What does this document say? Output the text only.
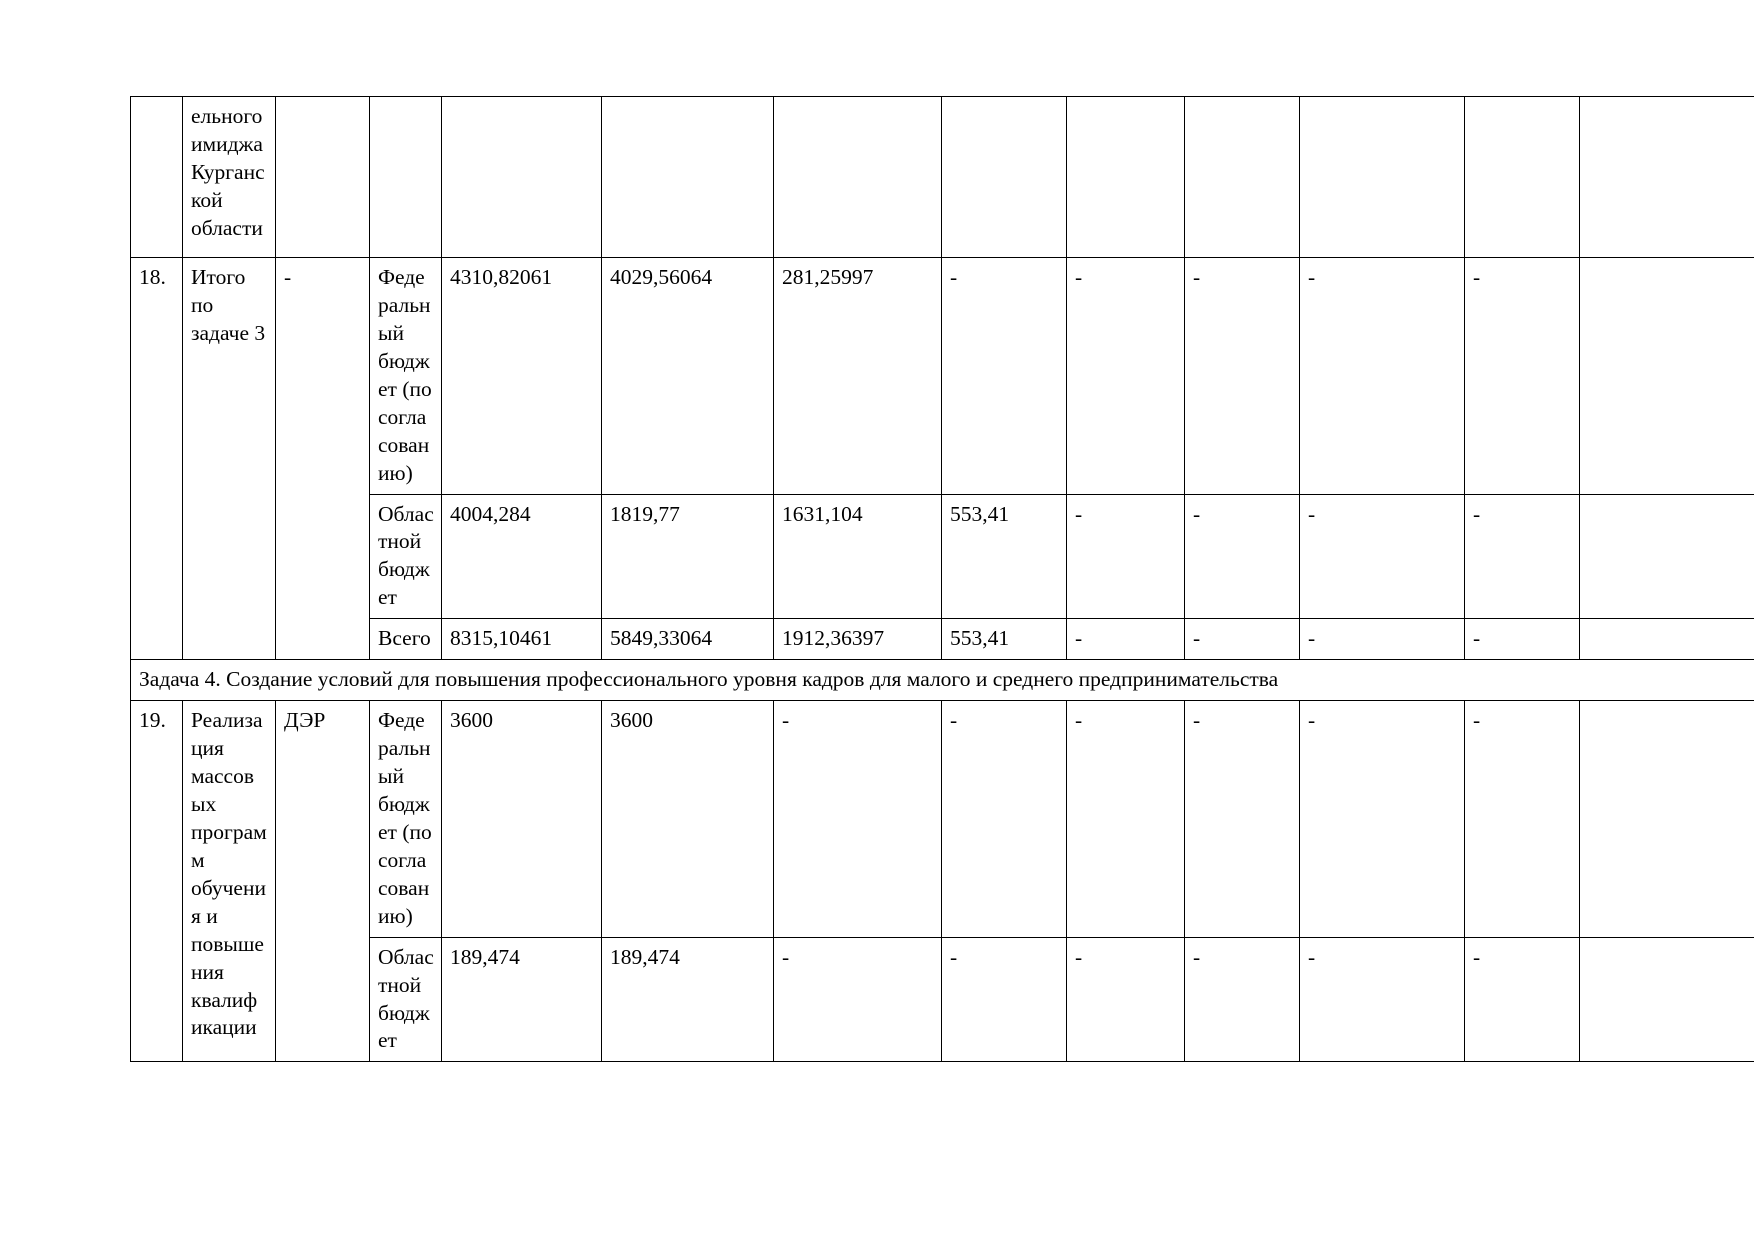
	ельного имиджа Курганской области											
18.	Итого по задаче 3	-	Федеральный бюджет (по согласованию)	4310,82061	4029,56064	281,25997	-	-	-	-	-	
			Областной бюджет	4004,284	1819,77	1631,104	553,41	-	-	-	-	
			Всего	8315,10461	5849,33064	1912,36397	553,41	-	-	-	-	
Задача 4. Создание условий для повышения профессионального уровня кадров для малого и среднего предпринимательства												
19.	Реализация массовых программ обучения и повышения квалификации	ДЭР	Федеральный бюджет (по согласованию)	3600	3600	-	-	-	-	-	-	
			Областной бюджет	189,474	189,474	-	-	-	-	-	-	
